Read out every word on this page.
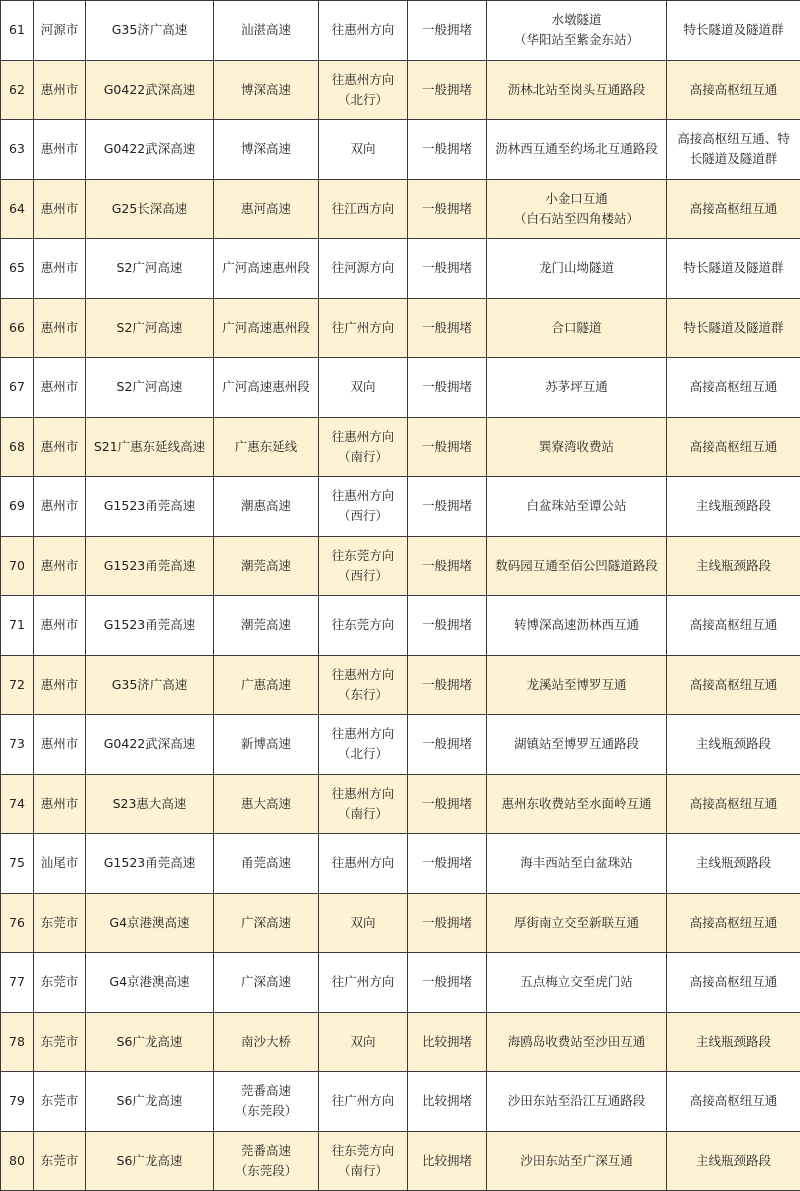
61	河源市	G35济广高速	汕湛高速	往惠州方向	一般拥堵	水墩隧道
（华阳站至紫金东站）	特长隧道及隧道群

62	惠州市	G0422武深高速	博深高速	往惠州方向
（北行）	一般拥堵	沥林北站至岗头互通路段	高接高枢纽互通

63	惠州市	G0422武深高速	博深高速	双向	一般拥堵	沥林西互通至约场北互通路段	高接高枢纽互通、特
长隧道及隧道群

64	惠州市	G25长深高速	惠河高速	往江西方向	一般拥堵	小金口互通
（白石站至四角楼站）	高接高枢纽互通

65	惠州市	S2广河高速	广河高速惠州段	往河源方向	一般拥堵	龙门山坳隧道	特长隧道及隧道群

66	惠州市	S2广河高速	广河高速惠州段	往广州方向	一般拥堵	合口隧道	特长隧道及隧道群

67	惠州市	S2广河高速	广河高速惠州段	双向	一般拥堵	苏茅坪互通	高接高枢纽互通

68	惠州市	S21广惠东延线高速	广惠东延线	往惠州方向
（南行）	一般拥堵	巽寮湾收费站	高接高枢纽互通

69	惠州市	G1523甬莞高速	潮惠高速	往惠州方向
（西行）	一般拥堵	白盆珠站至谭公站	主线瓶颈路段

70	惠州市	G1523甬莞高速	潮莞高速	往东莞方向
（西行）	一般拥堵	数码园互通至佰公凹隧道路段	主线瓶颈路段

71	惠州市	G1523甬莞高速	潮莞高速	往东莞方向	一般拥堵	转博深高速沥林西互通	高接高枢纽互通

72	惠州市	G35济广高速	广惠高速	往惠州方向
（东行）	一般拥堵	龙溪站至博罗互通	高接高枢纽互通

73	惠州市	G0422武深高速	新博高速	往惠州方向
（北行）	一般拥堵	湖镇站至博罗互通路段	主线瓶颈路段

74	惠州市	S23惠大高速	惠大高速	往惠州方向
（南行）	一般拥堵	惠州东收费站至水面岭互通	高接高枢纽互通

75	汕尾市	G1523甬莞高速	甬莞高速	往惠州方向	一般拥堵	海丰西站至白盆珠站	主线瓶颈路段

76	东莞市	G4京港澳高速	广深高速	双向	一般拥堵	厚街南立交至新联互通	高接高枢纽互通

77	东莞市	G4京港澳高速	广深高速	往广州方向	一般拥堵	五点梅立交至虎门站	高接高枢纽互通

78	东莞市	S6广龙高速	南沙大桥	双向	比较拥堵	海鸥岛收费站至沙田互通	主线瓶颈路段

79	东莞市	S6广龙高速	莞番高速
（东莞段）	往广州方向	比较拥堵	沙田东站至沿江互通路段	高接高枢纽互通

80	东莞市	S6广龙高速	莞番高速
（东莞段）	往东莞方向
（南行）	比较拥堵	沙田东站至广深互通	主线瓶颈路段
